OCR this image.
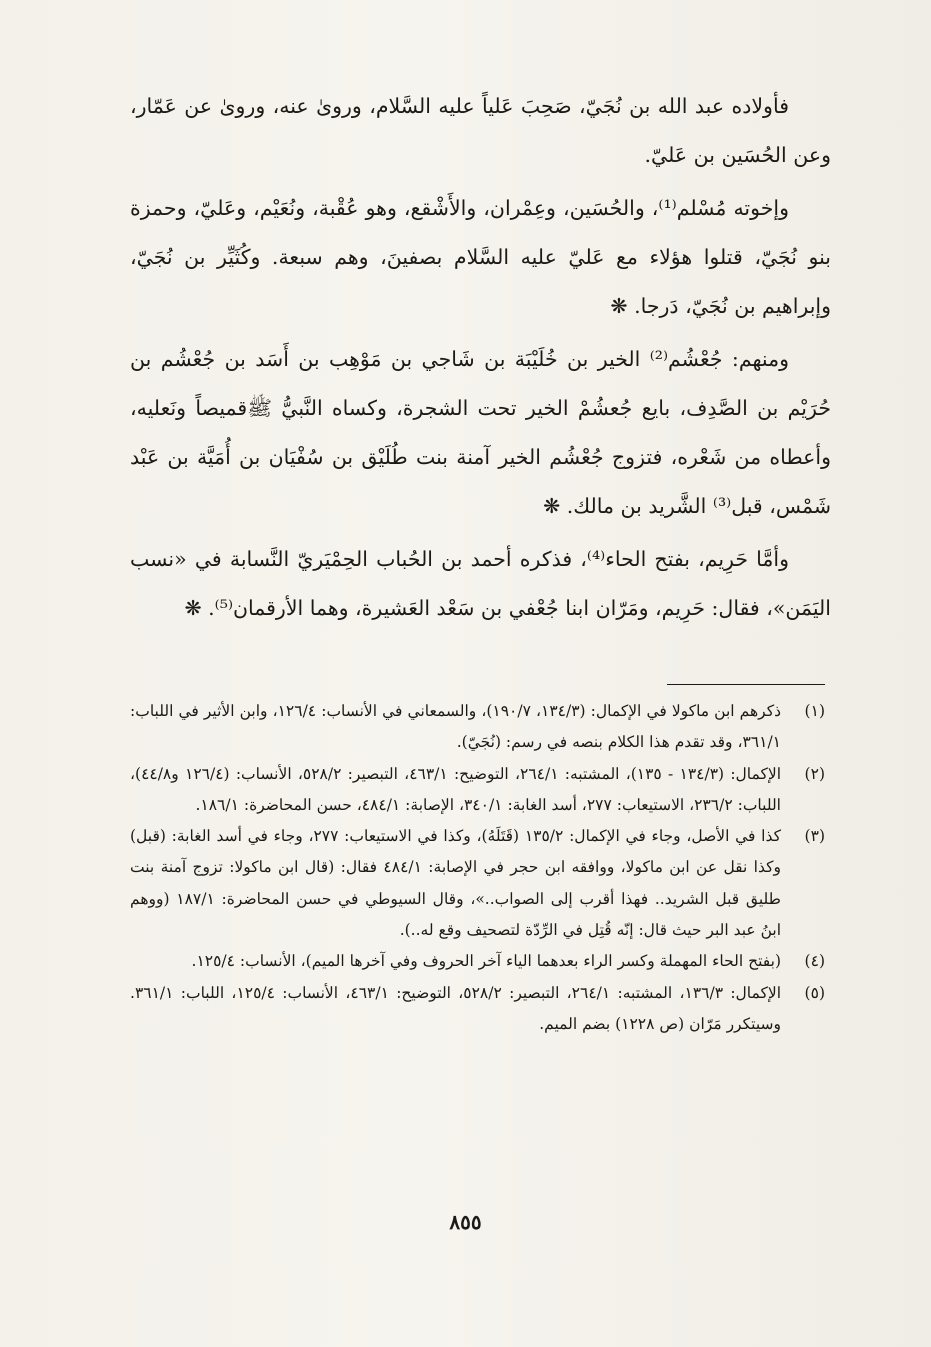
فأولاده عبد الله بن نُجَيّ، صَحِبَ عَلياً عليه السَّلام، وروىٰ عنه، وروىٰ عن عَمّار، وعن الحُسَين بن عَليّ.

وإخوته مُسْلم⁽¹⁾، والحُسَين، وعِمْران، والأَشْقع، وهو عُقْبة، ونُعَيْم، وعَليّ، وحمزة بنو نُجَيّ، قتلوا هؤلاء مع عَليّ عليه السَّلام بصفينَ، وهم سبعة. وكُثَيِّر بن نُجَيّ، وإبراهيم بن نُجَيّ، دَرجا. ❋

ومنهم: جُعْشُم⁽²⁾ الخير بن خُلَيْبَة بن شَاجي بن مَوْهِب بن أَسَد بن جُعْشُم بن حُرَيْم بن الصَّدِف، بايع جُعشُمْ الخير تحت الشجرة، وكساه النَّبيُّ ﷺقميصاً ونَعليه، وأعطاه من شَعْره، فتزوج جُعْشُم الخير آمنة بنت طُلَيْق بن سُفْيَان بن أُمَيَّة بن عَبْد شَمْس، قبل⁽³⁾ الشَّريد بن مالك. ❋

وأمَّا حَرِيم، بفتح الحاء⁽⁴⁾، فذكره أحمد بن الحُباب الحِمْيَريّ النَّسابة في «نسب اليَمَن»، فقال: حَرِيم، ومَرّان ابنا جُعْفي بن سَعْد العَشيرة، وهما الأرقمان⁽⁵⁾. ❋

(١)
ذكرهم ابن ماكولا في الإكمال: (١٣٤/٣، ١٩٠/٧)، والسمعاني في الأنساب: ١٢٦/٤، وابن الأثير في اللباب: ٣٦١/١، وقد تقدم هذا الكلام بنصه في رسم: (نُجَيّ).
(٢)
الإكمال: (١٣٤/٣ - ١٣٥)، المشتبه: ٢٦٤/١، التوضيح: ٤٦٣/١، التبصير: ٥٢٨/٢، الأنساب: (١٢٦/٤ و٤٤/٨)، اللباب: ٢٣٦/٢، الاستيعاب: ٢٧٧، أسد الغابة: ٣٤٠/١، الإصابة: ٤٨٤/١، حسن المحاضرة: ١٨٦/١.
(٣)
كذا في الأصل، وجاء في الإكمال: ١٣٥/٢ (قَتَلَهُ)، وكذا في الاستيعاب: ٢٧٧، وجاء في أسد الغابة: (قبل) وكذا نقل عن ابن ماكولا، ووافقه ابن حجر في الإصابة: ٤٨٤/١ فقال: (قال ابن ماكولا: تزوج آمنة بنت طليق قبل الشريد.. فهذا أقرب إلى الصواب..»، وقال السيوطي في حسن المحاضرة: ١٨٧/١ (ووهم ابنُ عبد البر حيث قال: إنّه قُتِل في الرِّدّة لتصحيف وقع له..).
(٤)
(بفتح الحاء المهملة وكسر الراء بعدهما الياء آخر الحروف وفي آخرها الميم)، الأنساب: ١٢٥/٤.
(٥)
الإكمال: ١٣٦/٣، المشتبه: ٢٦٤/١، التبصير: ٥٢٨/٢، التوضيح: ٤٦٣/١، الأنساب: ١٢٥/٤، اللباب: ٣٦١/١. وسيتكرر مَرّان (ص ١٢٢٨) بضم الميم.
٨٥٥
